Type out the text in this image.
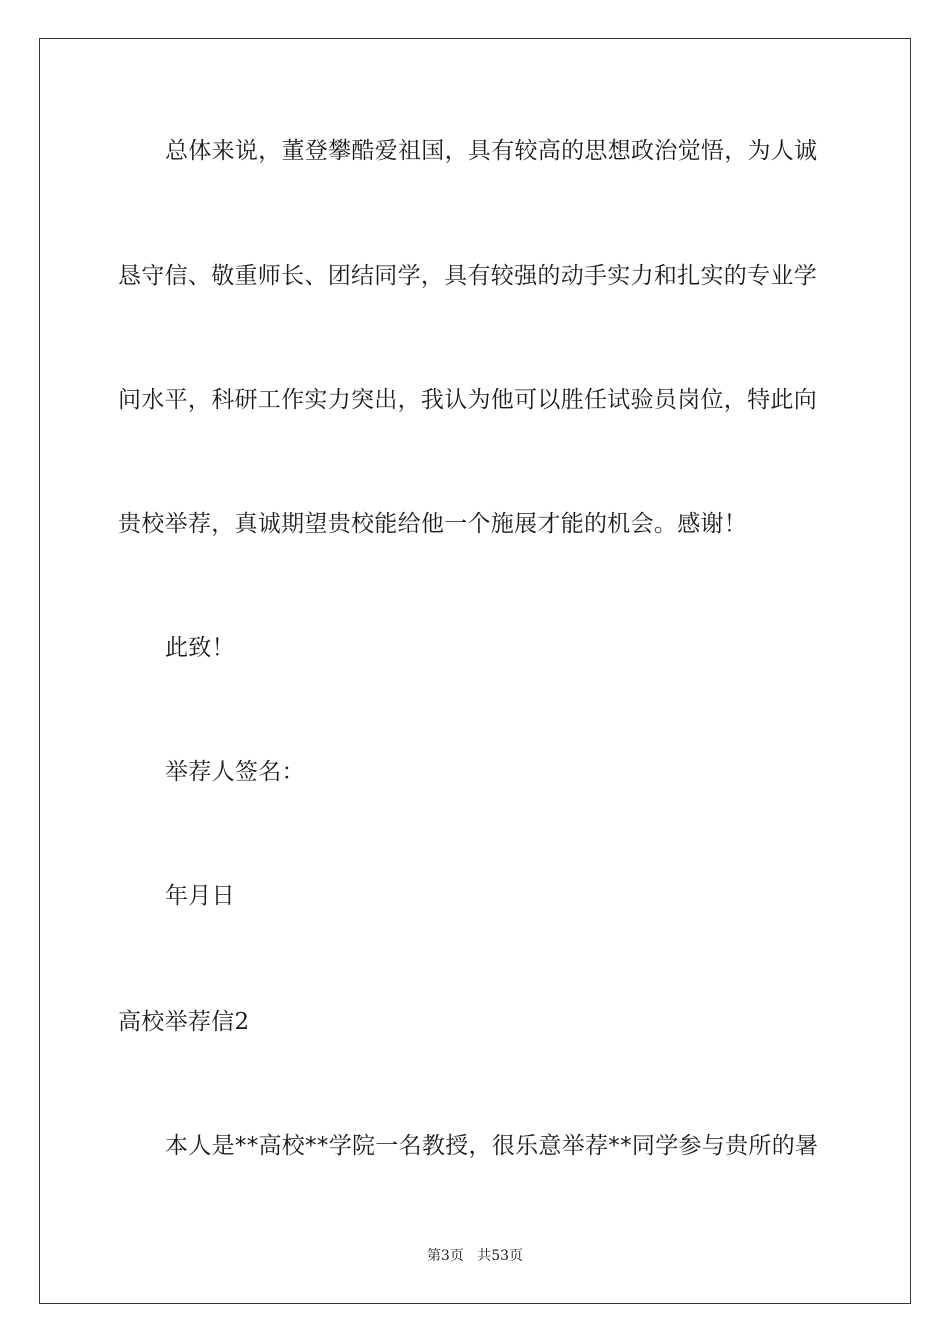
总体来说，董登攀酷爱祖国，具有较高的思想政治觉悟，为人诚
恳守信、敬重师长、团结同学，具有较强的动手实力和扎实的专业学
问水平，科研工作实力突出，我认为他可以胜任试验员岗位，特此向
贵校举荐，真诚期望贵校能给他一个施展才能的机会。感谢！
此致！
举荐人签名：
年月日
高校举荐信2
本人是**高校**学院一名教授，很乐意举荐**同学参与贵所的暑
第3页 共53页
